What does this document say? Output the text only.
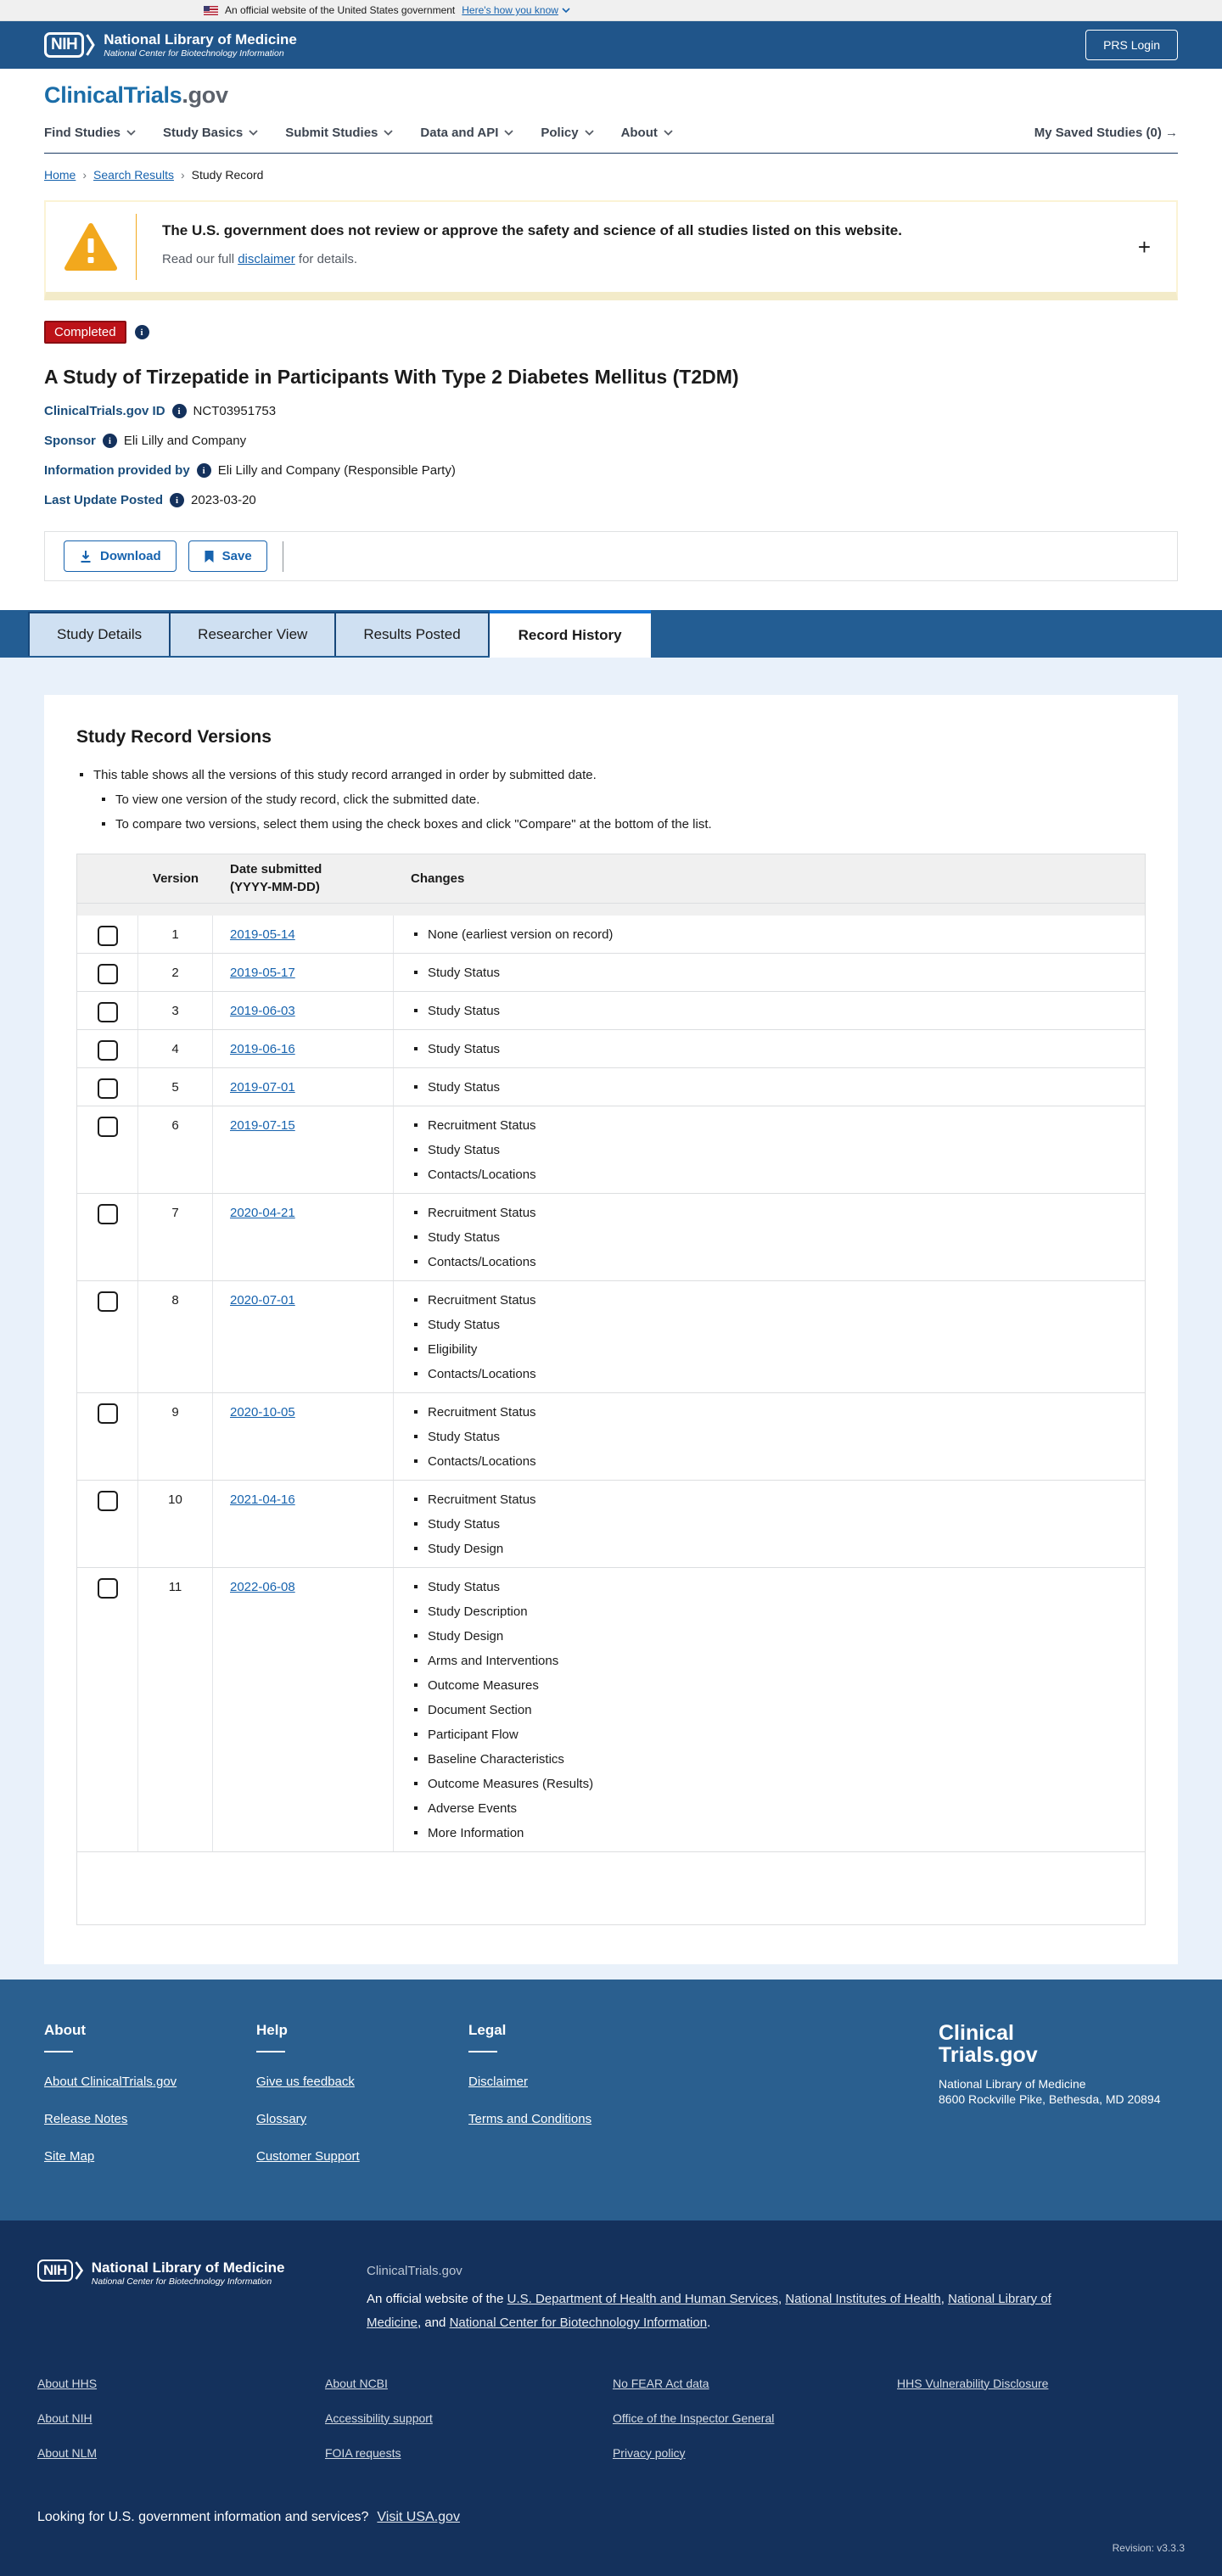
An official website of the United States government Here's how you know
NIH	National Library of Medicine
National Center for Biotechnology Information
PRS Login
ClinicalTrials.gov
Find Studies	Study Basics	Submit Studies	Data and API	Policy	About	My Saved Studies (0) →
Home › Search Results › Study Record
The U.S. government does not review or approve the safety and science of all studies listed on this website.
Read our full disclaimer for details.	+
Completed	i
A Study of Tirzepatide in Participants With Type 2 Diabetes Mellitus (T2DM)
ClinicalTrials.gov ID	i NCT03951753
Sponsor	i Eli Lilly and Company
Information provided by	i Eli Lilly and Company (Responsible Party)
Last Update Posted	i 2023-03-20
Download	Save
Study Details	Researcher View	Results Posted	Record History
Study Record Versions
This table shows all the versions of this study record arranged in order by submitted date.
To view one version of the study record, click the submitted date.
To compare two versions, select them using the check boxes and click "Compare" at the bottom of the list.
Version
Date submitted
(YYYY-MM-DD)
Changes
1	2019-05-14	None (earliest version on record)
2	2019-05-17	Study Status
3	2019-06-03	Study Status
4	2019-06-16	Study Status
5	2019-07-01	Study Status
6	2019-07-15	Recruitment Status
Study Status
Contacts/Locations
7	2020-04-21	Recruitment Status
Study Status
Contacts/Locations
8	2020-07-01	Recruitment Status
Study Status
Eligibility
Contacts/Locations
9	2020-10-05	Recruitment Status
Study Status
Contacts/Locations
10	2021-04-16	Recruitment Status
Study Status
Study Design
11	2022-06-08	Study Status
Study Description
Study Design
Arms and Interventions
Outcome Measures
Document Section
Participant Flow
Baseline Characteristics
Outcome Measures (Results)
Adverse Events
More Information
About
About ClinicalTrials.gov
Release Notes
Site Map
Help
Give us feedback
Glossary
Customer Support
Legal
Disclaimer
Terms and Conditions
Clinical
Trials.gov
National Library of Medicine
8600 Rockville Pike, Bethesda, MD 20894
NIH	National Library of Medicine
National Center for Biotechnology Information
ClinicalTrials.gov
An official website of the U.S. Department of Health and Human Services, National Institutes of Health, National Library of Medicine, and National Center for Biotechnology Information.
About HHS
About NIH
About NLM
About NCBI
Accessibility support
FOIA requests
No FEAR Act data
Office of the Inspector General
Privacy policy
HHS Vulnerability Disclosure
Looking for U.S. government information and services? Visit USA.gov
Revision: v3.3.3
